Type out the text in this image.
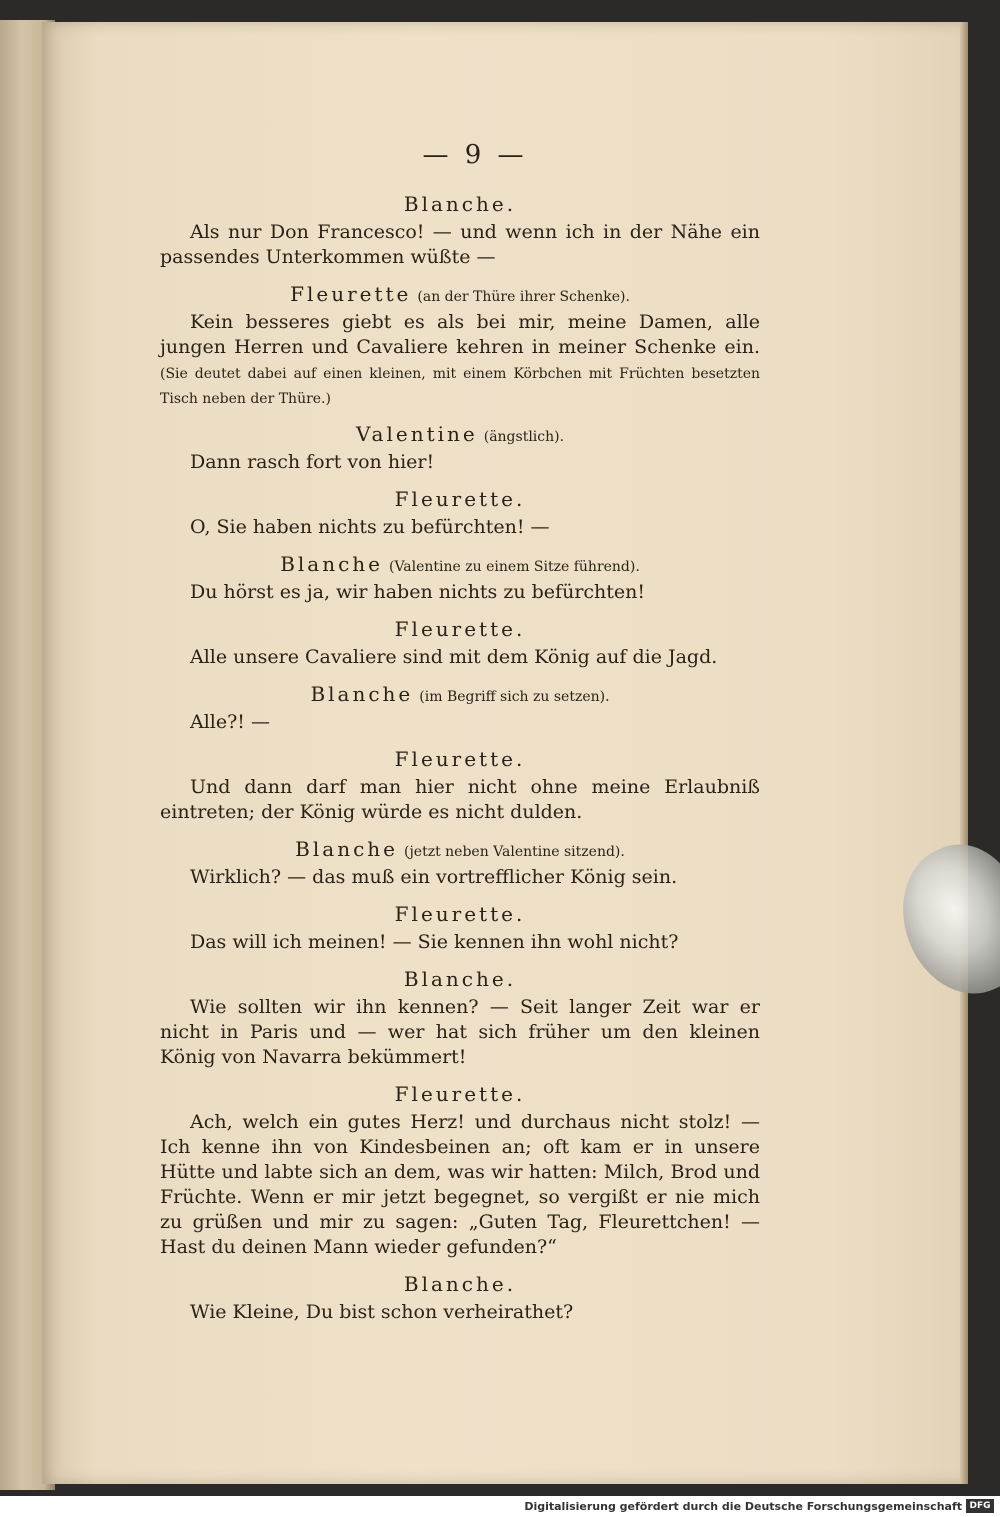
— 9 —
Blanche.

Als nur Don Francesco! — und wenn ich in der Nähe ein passendes Unterkommen wüßte —

Fleurette (an der Thüre ihrer Schenke).

Kein besseres giebt es als bei mir, meine Damen, alle jungen Herren und Cavaliere kehren in meiner Schenke ein. (Sie deutet dabei auf einen kleinen, mit einem Körbchen mit Früchten besetzten Tisch neben der Thüre.)

Valentine (ängstlich).

Dann rasch fort von hier!

Fleurette.

O, Sie haben nichts zu befürchten! —

Blanche (Valentine zu einem Sitze führend).

Du hörst es ja, wir haben nichts zu befürchten!

Fleurette.

Alle unsere Cavaliere sind mit dem König auf die Jagd.

Blanche (im Begriff sich zu setzen).

Alle?! —

Fleurette.

Und dann darf man hier nicht ohne meine Erlaubniß eintreten; der König würde es nicht dulden.

Blanche (jetzt neben Valentine sitzend).

Wirklich? — das muß ein vortrefflicher König sein.

Fleurette.

Das will ich meinen! — Sie kennen ihn wohl nicht?

Blanche.

Wie sollten wir ihn kennen? — Seit langer Zeit war er nicht in Paris und — wer hat sich früher um den kleinen König von Navarra bekümmert!

Fleurette.

Ach, welch ein gutes Herz! und durchaus nicht stolz! — Ich kenne ihn von Kindesbeinen an; oft kam er in unsere Hütte und labte sich an dem, was wir hatten: Milch, Brod und Früchte. Wenn er mir jetzt begegnet, so vergißt er nie mich zu grüßen und mir zu sagen: „Guten Tag, Fleurettchen! — Hast du deinen Mann wieder gefunden?“

Blanche.

Wie Kleine, Du bist schon verheirathet?

Digitalisierung gefördert durch die Deutsche Forschungsgemeinschaft DFG
